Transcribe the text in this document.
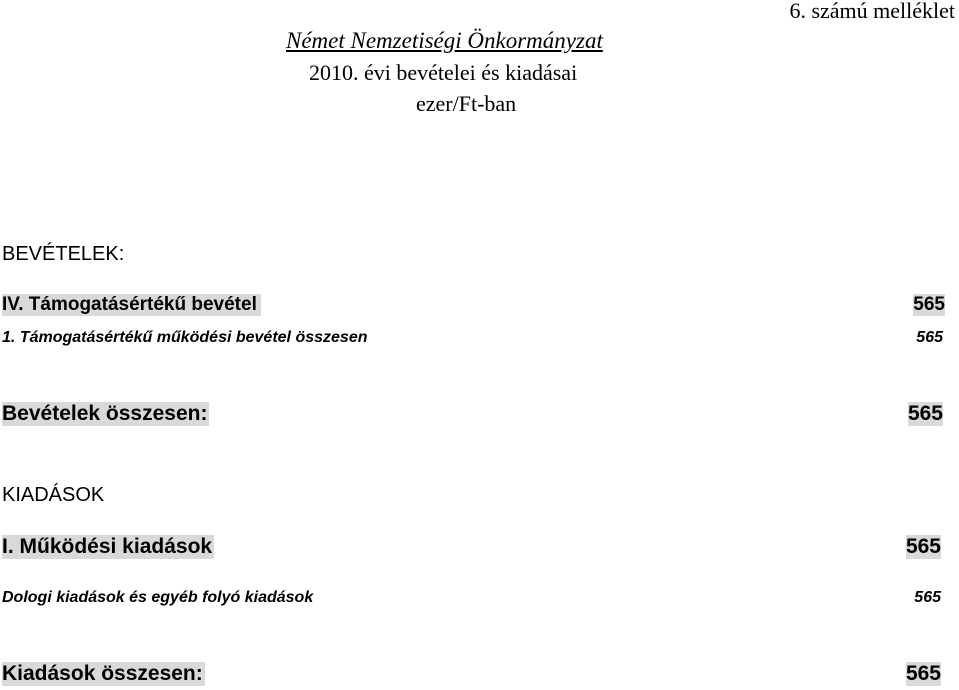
6. számú melléklet
Német Nemzetiségi Önkormányzat
2010. évi bevételei és kiadásai
ezer/Ft-ban
BEVÉTELEK:
IV. Támogatásértékű bevétel	565
1. Támogatásértékű működési bevétel összesen	565
Bevételek összesen:	565
KIADÁSOK
I. Működési kiadások	565
Dologi kiadások és egyéb folyó kiadások	565
Kiadások összesen:	565
